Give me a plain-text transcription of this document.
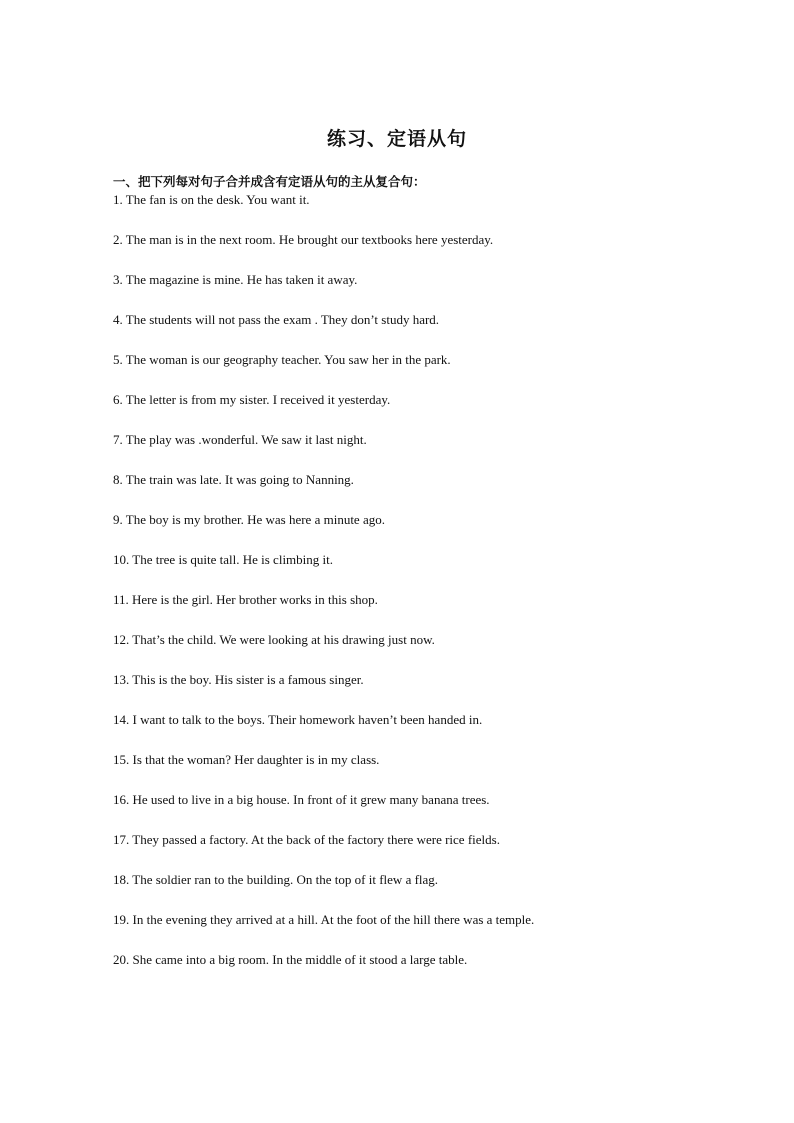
练习、定语从句
一、把下列每对句子合并成含有定语从句的主从复合句：
1. The fan is on the desk. You want it.
2. The man is in the next room. He brought our textbooks here yesterday.
3. The magazine is mine. He has taken it away.
4. The students will not pass the exam . They don’t study hard.
5. The woman is our geography teacher. You saw her in the park.
6. The letter is from my sister. I received it yesterday.
7. The play was .wonderful. We saw it last night.
8. The train was late. It was going to Nanning.
9. The boy is my brother. He was here a minute ago.
10. The tree is quite tall. He is climbing it.
11. Here is the girl. Her brother works in this shop.
12. That’s the child. We were looking at his drawing just now.
13. This is the boy. His sister is a famous singer.
14. I want to talk to the boys. Their homework haven’t been handed in.
15. Is that the woman? Her daughter is in my class.
16. He used to live in a big house. In front of it grew many banana trees.
17. They passed a factory. At the back of the factory there were rice fields.
18. The soldier ran to the building. On the top of it flew a flag.
19. In the evening they arrived at a hill. At the foot of the hill there was a temple.
20. She came into a big room. In the middle of it stood a large table.
